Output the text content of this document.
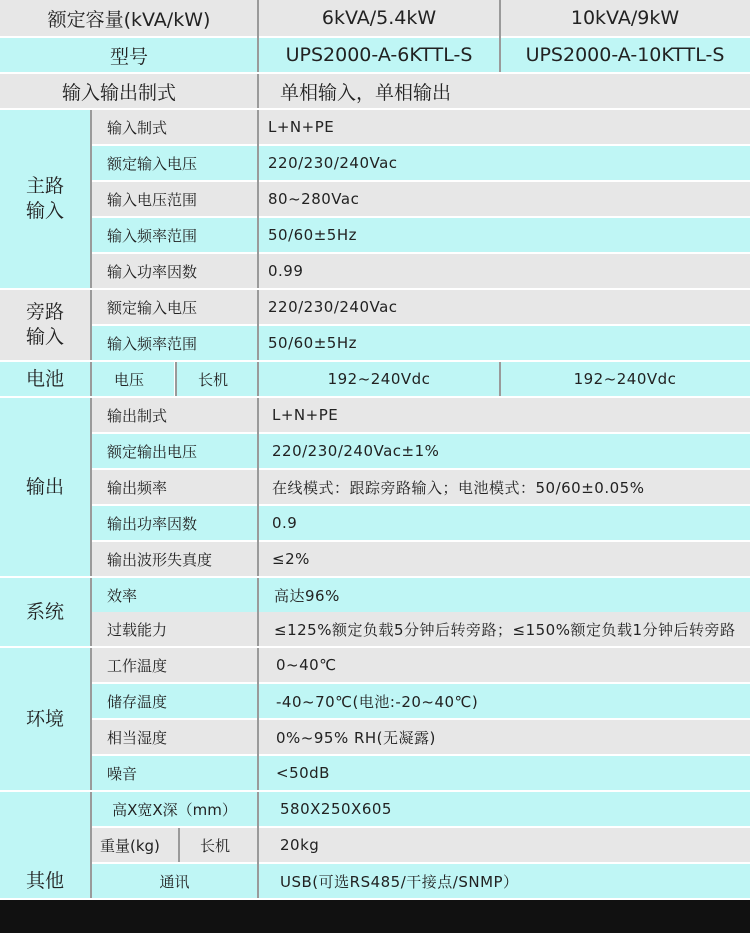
额定容量(kVA/kW)	6kVA/5.4kW	10kVA/9kW
型号	UPS2000-A-6KTTL-S	UPS2000-A-10KTTL-S
输入输出制式	单相输入，单相输出
主路
输入
输入制式	L+N+PE
额定输入电压	220/230/240Vac
输入电压范围	80~280Vac
输入频率范围	50/60±5Hz
输入功率因数	0.99
旁路
输入
额定输入电压	220/230/240Vac
输入频率范围	50/60±5Hz
电池	电压	长机	192~240Vdc	192~240Vdc
输出
输出制式	L+N+PE
额定输出电压	220/230/240Vac±1%
输出频率	在线模式：跟踪旁路输入；电池模式：50/60±0.05%
输出功率因数	0.9
输出波形失真度	≤2%
系统
效率	高达96%
过载能力	≤125%额定负载5分钟后转旁路；≤150%额定负载1分钟后转旁路
环境
工作温度	0~40℃
储存温度	-40~70℃(电池:-20~40℃)
相当湿度	0%~95% RH(无凝露)
噪音	<50dB
其他
高X宽X深（mm）	580X250X605
重量(kg)	长机	20kg
通讯	USB(可选RS485/干接点/SNMP）
